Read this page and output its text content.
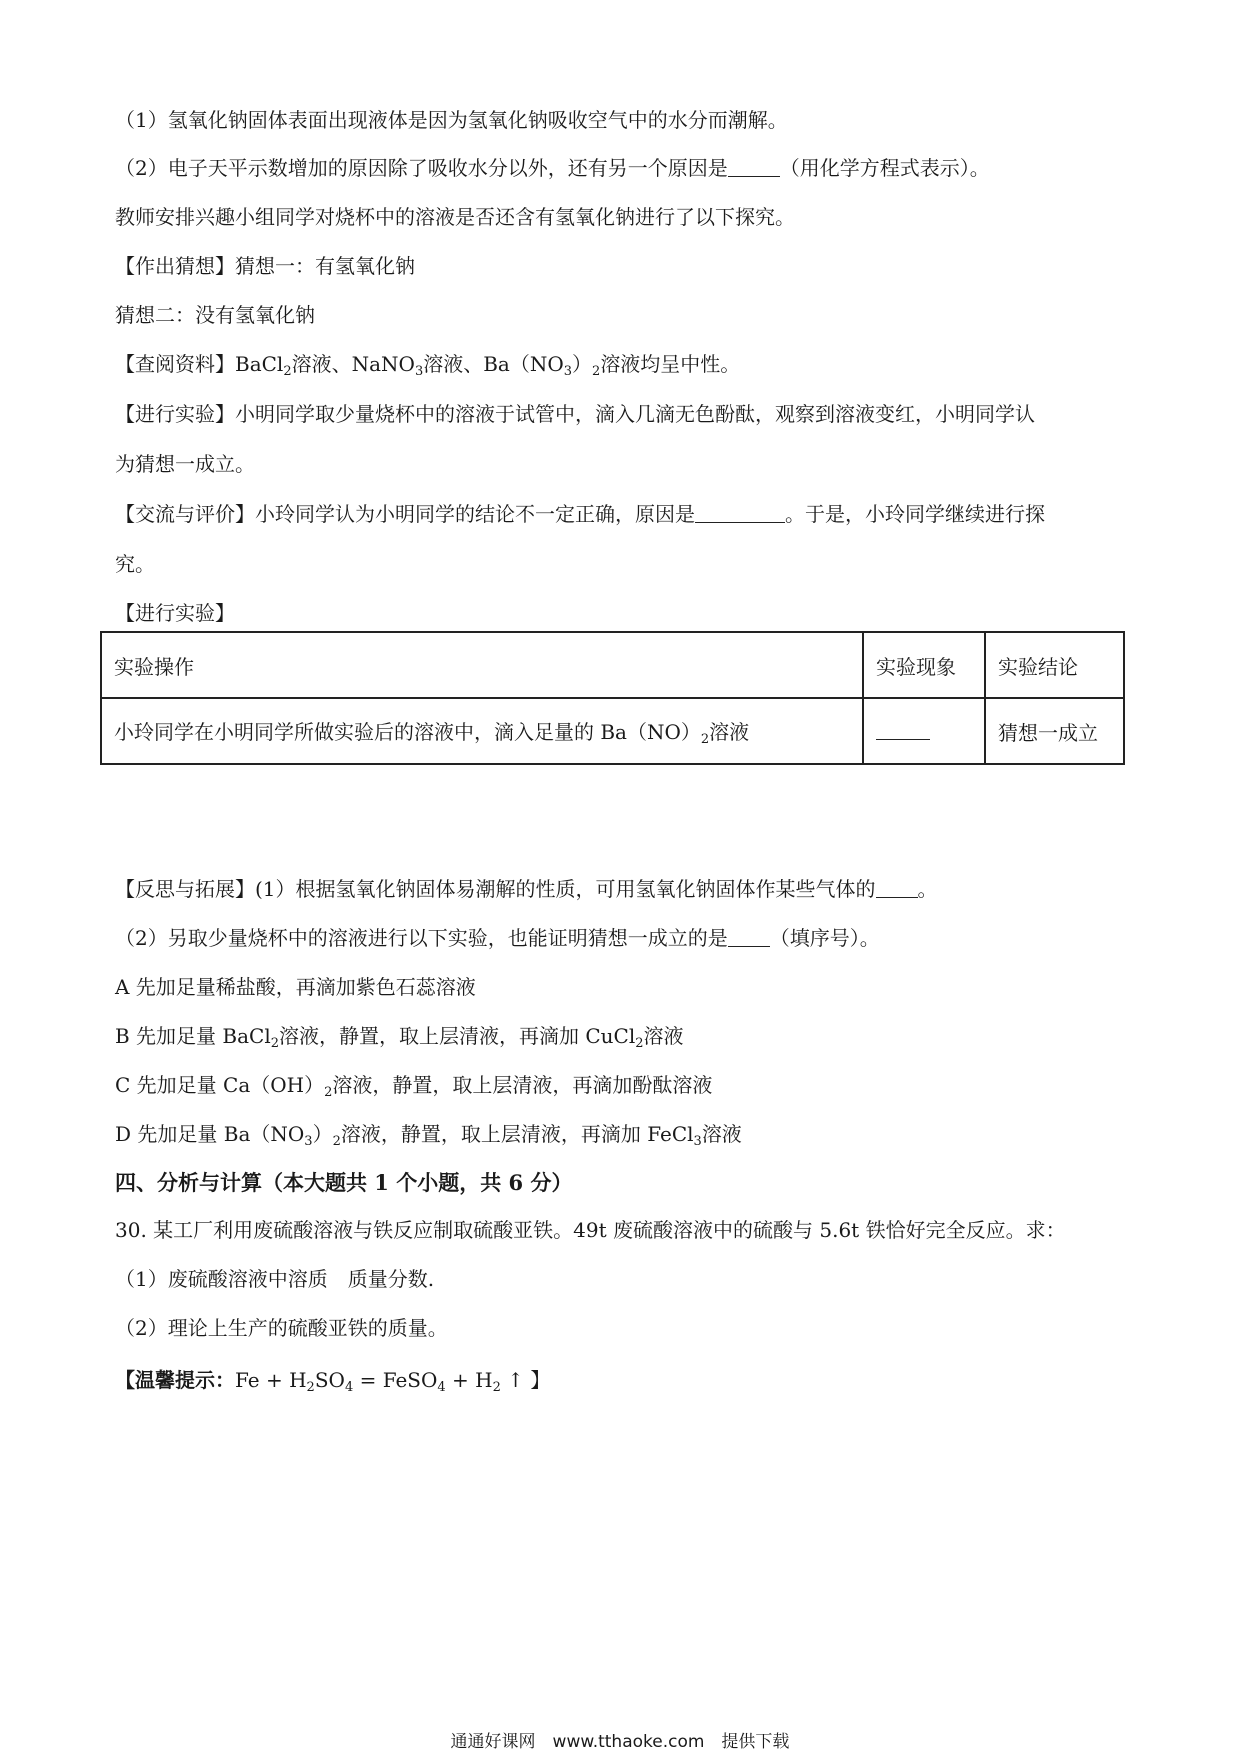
（1）氢氧化钠固体表面出现液体是因为氢氧化钠吸收空气中的水分而潮解。
（2）电子天平示数增加的原因除了吸收水分以外，还有另一个原因是	（用化学方程式表示）。
教师安排兴趣小组同学对烧杯中的溶液是否还含有氢氧化钠进行了以下探究。
【作出猜想】猜想一：有氢氧化钠
猜想二：没有氢氧化钠
【查阅资料】BaCl$_2$溶液、NaNO$_3$溶液、$Ba(NO_3)_2$溶液均呈中性。
【进行实验】小明同学取少量烧杯中的溶液于试管中，滴入几滴无色酚酞，观察到溶液变红，小明同学认
为猜想一成立。
【交流与评价】小玲同学认为小明同学的结论不一定正确，原因是	。于是，小玲同学继续进行探
究。
【进行实验】
实验操作	实验现象	实验结论
小玲同学在小明同学所做实验后的溶液中，滴入足量的 $Ba(NO)_2$溶液		猜想一成立
【反思与拓展】(1）根据氢氧化钠固体易潮解的性质，可用氢氧化钠固体作某些气体的 。
（2）另取少量烧杯中的溶液进行以下实验，也能证明猜想一成立的是 （填序号）。
A 先加足量稀盐酸，再滴加紫色石蕊溶液
B 先加足量 BaCl$_2$溶液，静置，取上层清液，再滴加 CuCl$_2$溶液
C 先加足量 $Ca(OH)_2$溶液，静置，取上层清液，再滴加酚酞溶液
D 先加足量 $Ba(NO_3)_2$溶液，静置，取上层清液，再滴加 FeCl$_3$溶液
四、分析与计算（本大题共 1 个小题，共 6 分）
30. 某工厂利用废硫酸溶液与铁反应制取硫酸亚铁。49t 废硫酸溶液中的硫酸与 5.6t 铁恰好完全反应。求：
（1）废硫酸溶液中溶质　质量分数.
（2）理论上生产的硫酸亚铁的质量。
【温馨提示：$Fe + H_2SO_4$ = FeSO$_4$ + $H_2$ ↑ 】
通通好课网　www.tthaoke.com　提供下载
